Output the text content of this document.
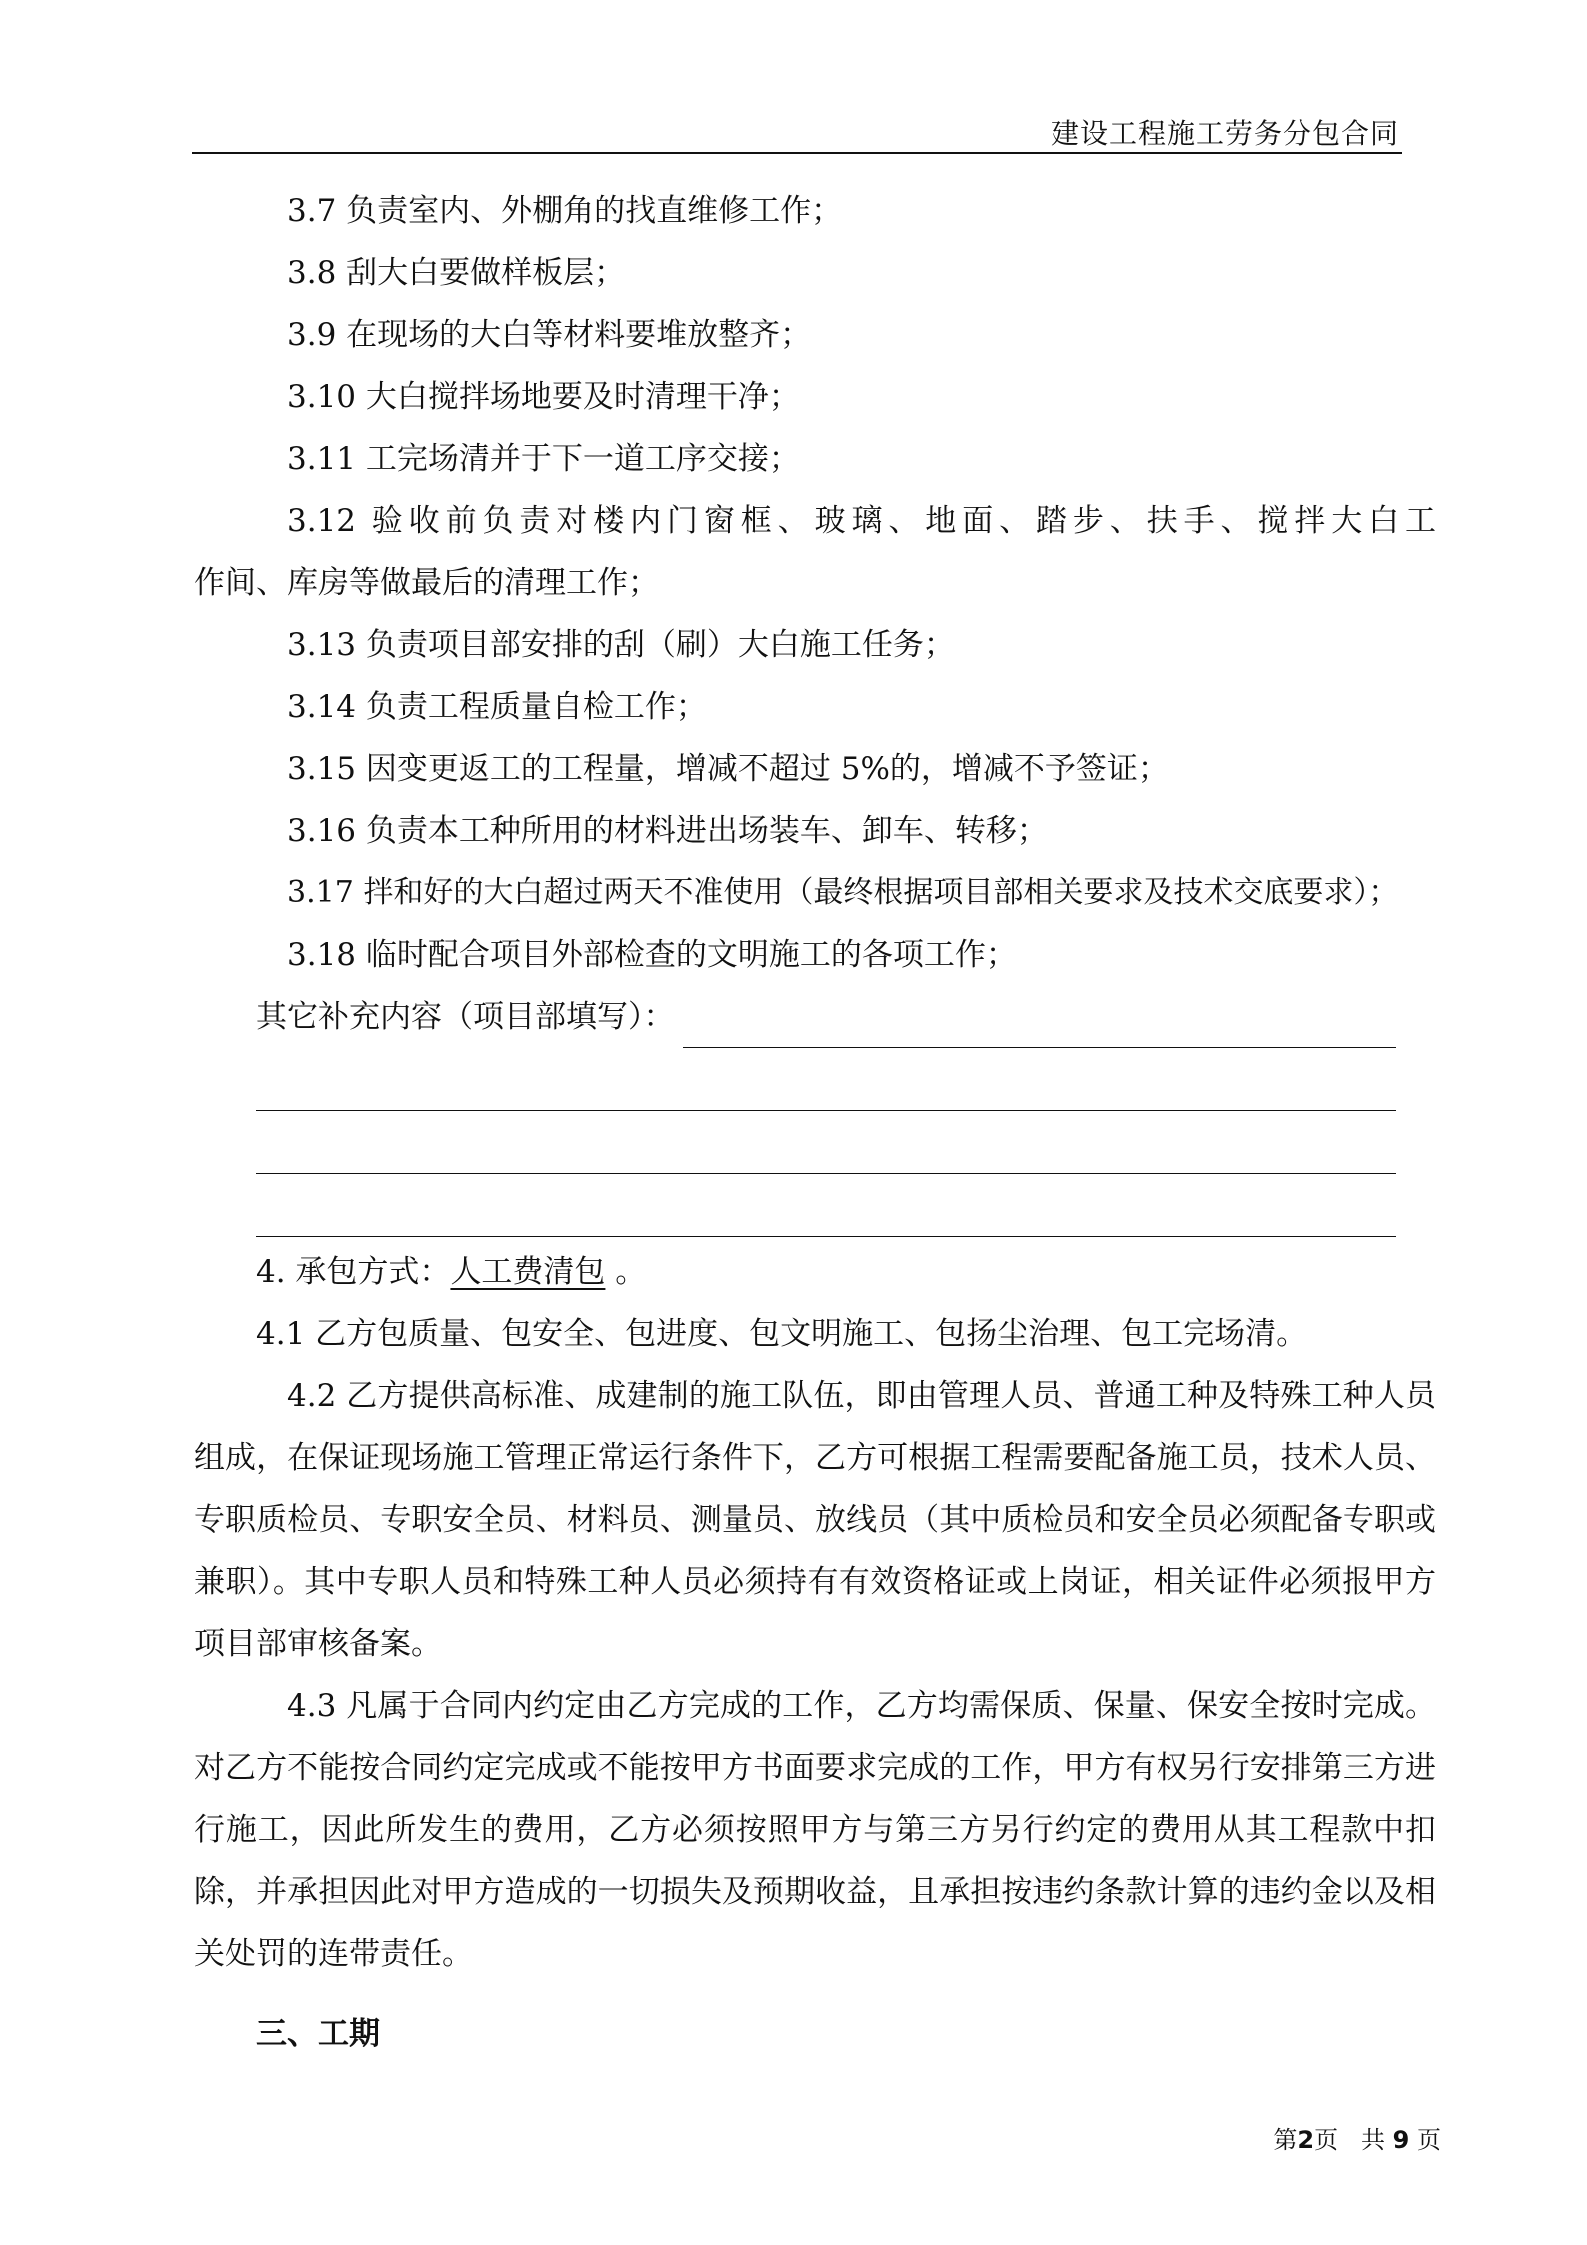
建设工程施工劳务分包合同
3.7 负责室内、外棚角的找直维修工作；
3.8 刮大白要做样板层；
3.9 在现场的大白等材料要堆放整齐；
3.10 大白搅拌场地要及时清理干净；
3.11 工完场清并于下一道工序交接；
3.12 验收前负责对楼内门窗框、玻璃、地面、踏步、扶手、搅拌大白工
作间、库房等做最后的清理工作；
3.13 负责项目部安排的刮（刷）大白施工任务；
3.14 负责工程质量自检工作；
3.15 因变更返工的工程量，增减不超过 5%的，增减不予签证；
3.16 负责本工种所用的材料进出场装车、卸车、转移；
3.17 拌和好的大白超过两天不准使用（最终根据项目部相关要求及技术交底要求）；
3.18 临时配合项目外部检查的文明施工的各项工作；
其它补充内容（项目部填写）：
4. 承包方式：人工费清包 。
4.1 乙方包质量、包安全、包进度、包文明施工、包扬尘治理、包工完场清。
4.2 乙方提供高标准、成建制的施工队伍，即由管理人员、普通工种及特殊工种人员组成，在保证现场施工管理正常运行条件下，乙方可根据工程需要配备施工员，技术人员、专职质检员、专职安全员、材料员、测量员、放线员（其中质检员和安全员必须配备专职或兼职）。其中专职人员和特殊工种人员必须持有有效资格证或上岗证，相关证件必须报甲方项目部审核备案。
4.3 凡属于合同内约定由乙方完成的工作，乙方均需保质、保量、保安全按时完成。对乙方不能按合同约定完成或不能按甲方书面要求完成的工作，甲方有权另行安排第三方进行施工，因此所发生的费用，乙方必须按照甲方与第三方另行约定的费用从其工程款中扣除，并承担因此对甲方造成的一切损失及预期收益，且承担按违约条款计算的违约金以及相关处罚的连带责任。
三、工期
第2页 共 9 页
